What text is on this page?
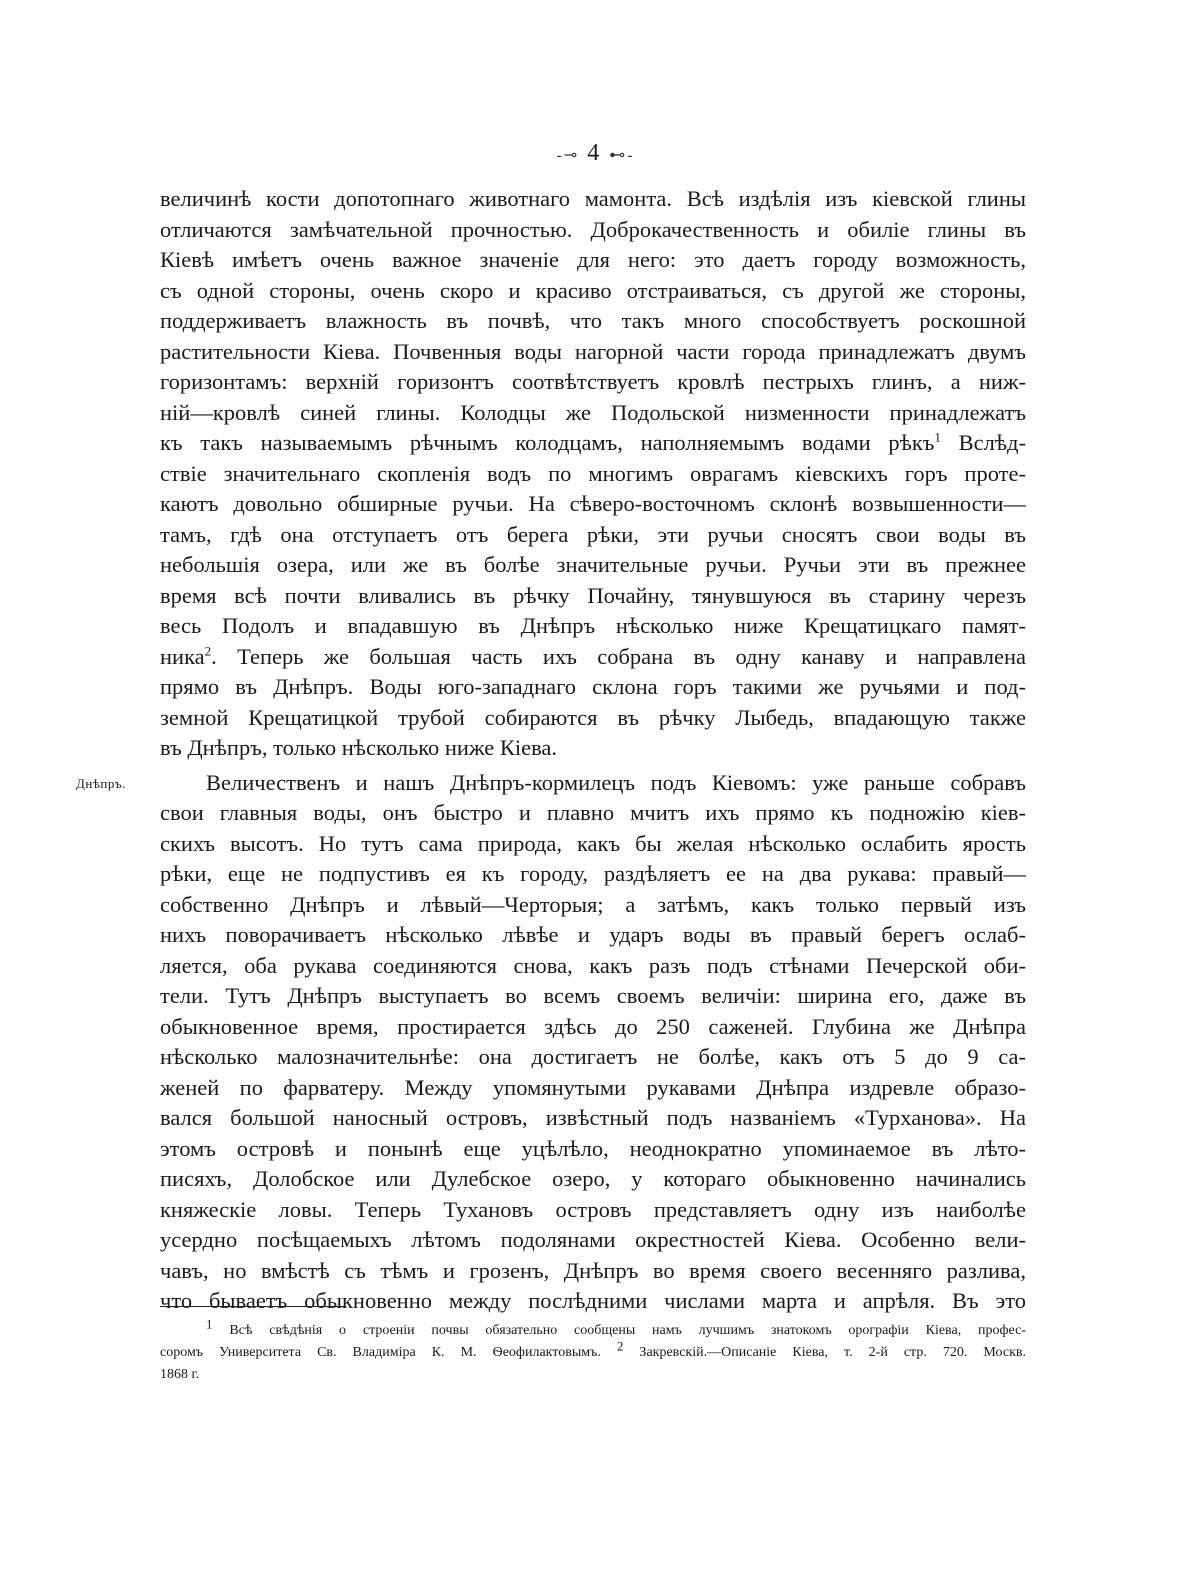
-⊸ 4 ⊷-
Днѣпръ.
величинѣ кости допотопнаго животнаго мамонта. Всѣ издѣлія изъ кіевской глины
отличаются замѣчательной прочностью. Доброкачественность и обиліе глины въ
Кіевѣ имѣетъ очень важное значеніе для него: это даетъ городу возможность,
съ одной стороны, очень скоро и красиво отстраиваться, съ другой же стороны,
поддерживаетъ влажность въ почвѣ, что такъ много способствуетъ роскошной
растительности Кіева. Почвенныя воды нагорной части города принадлежатъ двумъ
горизонтамъ: верхній горизонтъ соотвѣтствуетъ кровлѣ пестрыхъ глинъ, а ниж-
ній—кровлѣ синей глины. Колодцы же Подольской низменности принадлежатъ
къ такъ называемымъ рѣчнымъ колодцамъ, наполняемымъ водами рѣкъ$^1$ Вслѣд-
ствіе значительнаго скопленія водъ по многимъ оврагамъ кіевскихъ горъ проте-
каютъ довольно обширные ручьи. На сѣверо-восточномъ склонѣ возвышенности—
тамъ, гдѣ она отступаетъ отъ берега рѣки, эти ручьи сносятъ свои воды въ
небольшія озера, или же въ болѣе значительные ручьи. Ручьи эти въ прежнее
время всѣ почти вливались въ рѣчку Почайну, тянувшуюся въ старину черезъ
весь Подолъ и впадавшую въ Днѣпръ нѣсколько ниже Крещатицкаго памят-
ника$^2$. Теперь же большая часть ихъ собрана въ одну канаву и направлена
прямо въ Днѣпръ. Воды юго-западнаго склона горъ такими же ручьями и под-
земной Крещатицкой трубой собираются въ рѣчку Лыбедь, впадающую также
въ Днѣпръ, только нѣсколько ниже Кіева.
Величественъ и нашъ Днѣпръ-кормилецъ подъ Кіевомъ: уже раньше собравъ
свои главныя воды, онъ быстро и плавно мчитъ ихъ прямо къ подножію кіев-
скихъ высотъ. Но тутъ сама природа, какъ бы желая нѣсколько ослабить ярость
рѣки, еще не подпустивъ ея къ городу, раздѣляетъ ее на два рукава: правый—
собственно Днѣпръ и лѣвый—Черторыя; а затѣмъ, какъ только первый изъ
нихъ поворачиваетъ нѣсколько лѣвѣе и ударъ воды въ правый берегъ ослаб-
ляется, оба рукава соединяются снова, какъ разъ подъ стѣнами Печерской оби-
тели. Тутъ Днѣпръ выступаетъ во всемъ своемъ величіи: ширина его, даже въ
обыкновенное время, простирается здѣсь до 250 саженей. Глубина же Днѣпра
нѣсколько малозначительнѣе: она достигаетъ не болѣе, какъ отъ 5 до 9 са-
женей по фарватеру. Между упомянутыми рукавами Днѣпра издревле образо-
вался большой наносный островъ, извѣстный подъ названіемъ «Турханова». На
этомъ островѣ и понынѣ еще уцѣлѣло, неоднократно упоминаемое въ лѣто-
писяхъ, Долобское или Дулебское озеро, у котораго обыкновенно начинались
княжескіе ловы. Теперь Тухановъ островъ представляетъ одну изъ наиболѣе
усердно посѣщаемыхъ лѣтомъ подолянами окрестностей Кіева. Особенно вели-
чавъ, но вмѣстѣ съ тѣмъ и грозенъ, Днѣпръ во время своего весенняго разлива,
что бываетъ обыкновенно между послѣдними числами марта и апрѣля. Въ это
1 Всѣ свѣдѣнія о строеніи почвы обязательно сообщены намъ лучшимъ знатокомъ орографіи Кіева, профес-
соромъ Университета Св. Владиміра К. М. Ѳеофилактовымъ. 2 Закревскій.—Описаніе Кіева, т. 2-й стр. 720. Москв.
1868 г.
